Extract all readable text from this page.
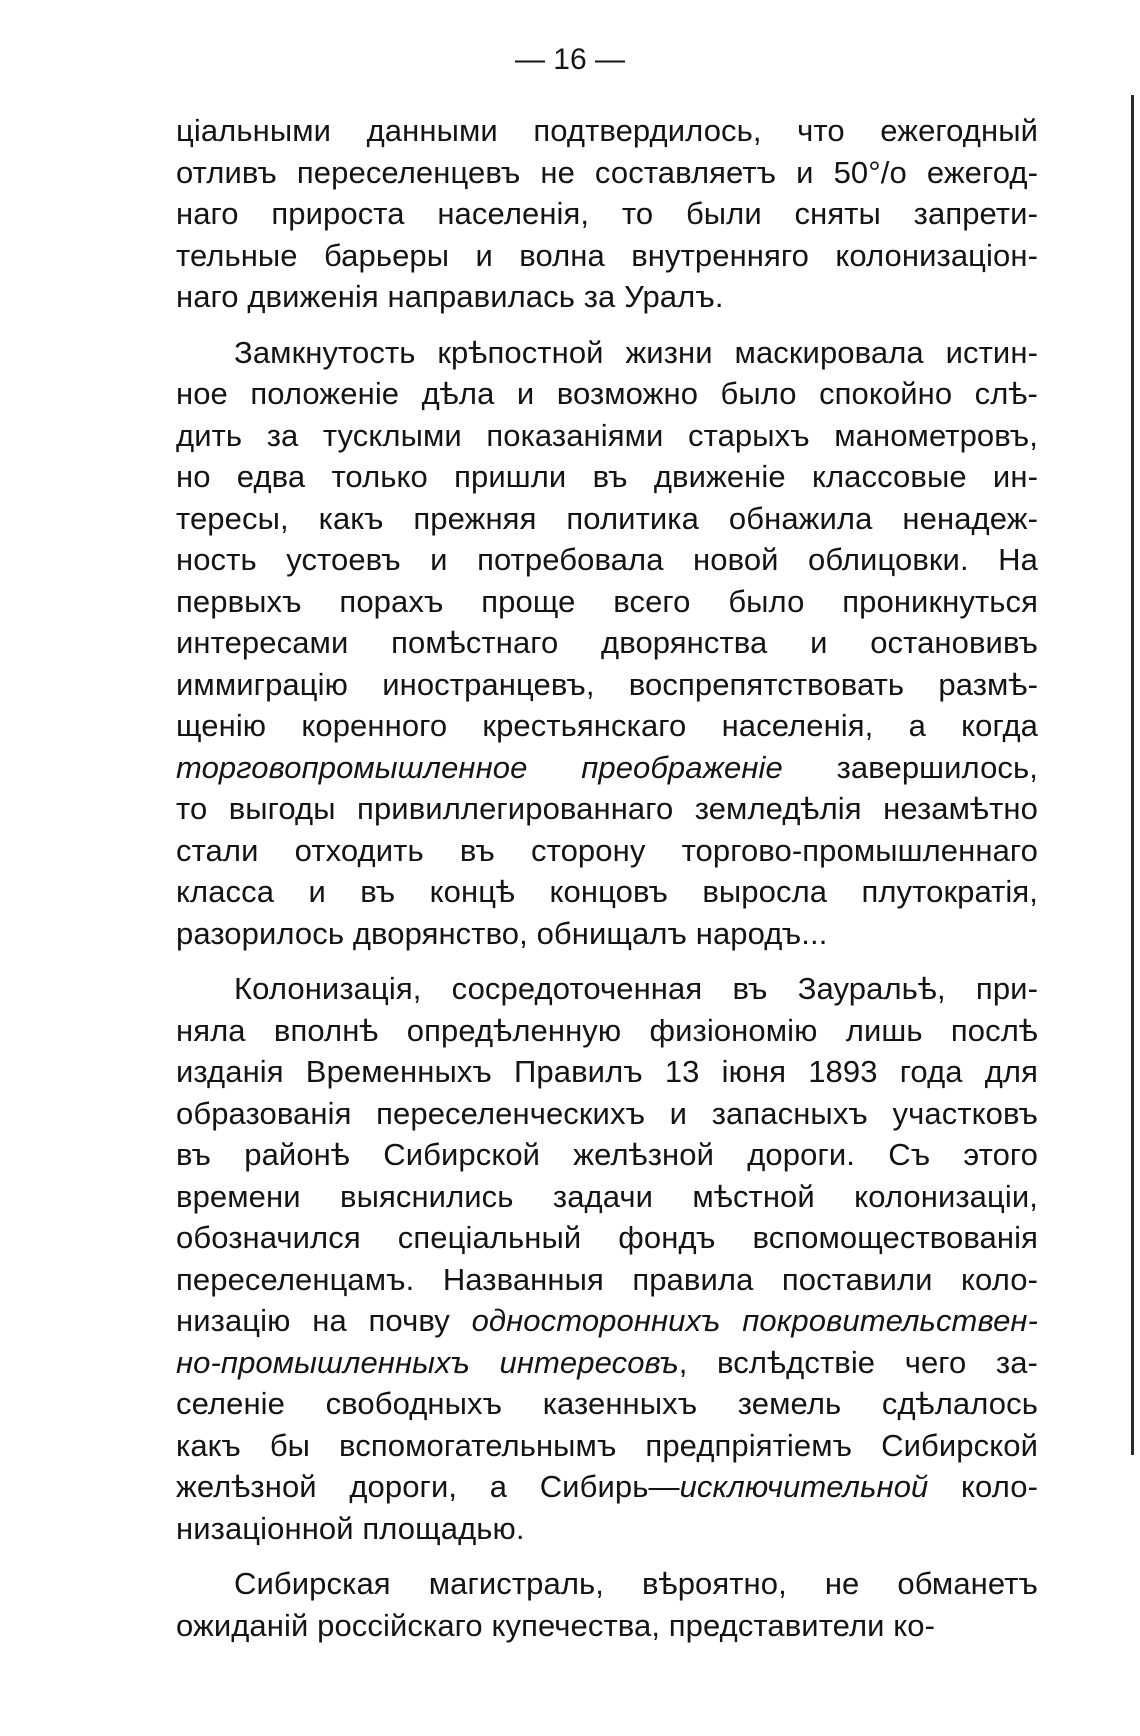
— 16 —
ціальными данными подтвердилось, что ежегодный
отливъ переселенцевъ не составляетъ и 50°/о ежегод-
наго прироста населенія, то были сняты запрети-
тельные барьеры и волна внутренняго колонизаціон-
наго движенія направилась за Уралъ.
Замкнутость крѣпостной жизни маскировала истин-
ное положеніе дѣла и возможно было спокойно слѣ-
дить за тусклыми показаніями старыхъ манометровъ,
но едва только пришли въ движеніе классовые ин-
тересы, какъ прежняя политика обнажила ненадеж-
ность устоевъ и потребовала новой облицовки. На
первыхъ порахъ проще всего было проникнуться
интересами помѣстнаго дворянства и остановивъ
иммиграцію иностранцевъ, воспрепятствовать размѣ-
щенію коренного крестьянскаго населенія, а когда
торговопромышленное преображеніе завершилось,
то выгоды привиллегированнаго земледѣлія незамѣтно
стали отходить въ сторону торгово-промышленнаго
класса и въ концѣ концовъ выросла плутократія,
разорилось дворянство, обнищалъ народъ...
Колонизація, сосредоточенная въ Зауральѣ, при-
няла вполнѣ опредѣленную физіономію лишь послѣ
изданія Временныхъ Правилъ 13 іюня 1893 года для
образованія переселенческихъ и запасныхъ участковъ
въ районѣ Сибирской желѣзной дороги. Съ этого
времени выяснились задачи мѣстной колонизаціи,
обозначился спеціальный фондъ вспомоществованія
переселенцамъ. Названныя правила поставили коло-
низацію на почву одностороннихъ покровительствен-
но-промышленныхъ интересовъ, вслѣдствіе чего за-
селеніе свободныхъ казенныхъ земель сдѣлалось
какъ бы вспомогательнымъ предпріятіемъ Сибирской
желѣзной дороги, а Сибирь—исключительной коло-
низаціонной площадью.
Сибирская магистраль, вѣроятно, не обманетъ
ожиданій россійскаго купечества, представители ко-
